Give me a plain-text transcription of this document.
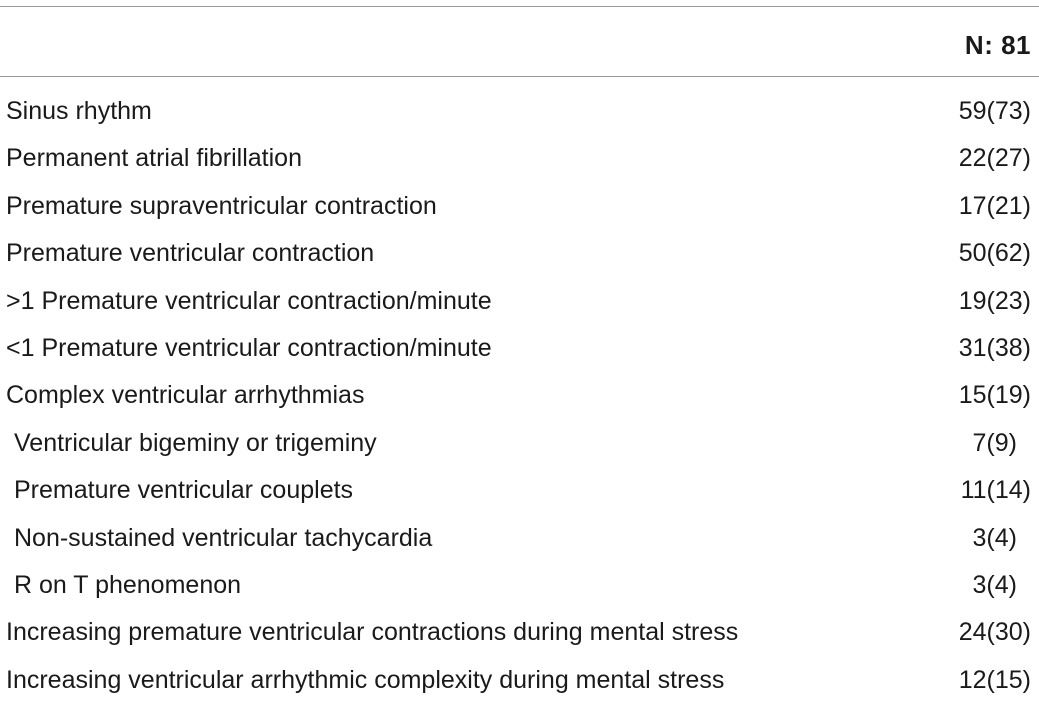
N: 81
Sinus rhythm	59(73)
Permanent atrial fibrillation	22(27)
Premature supraventricular contraction	17(21)
Premature ventricular contraction	50(62)
>1 Premature ventricular contraction/minute	19(23)
<1 Premature ventricular contraction/minute	31(38)
Complex ventricular arrhythmias	15(19)
Ventricular bigeminy or trigeminy	7(9)
Premature ventricular couplets	11(14)
Non-sustained ventricular tachycardia	3(4)
R on T phenomenon	3(4)
Increasing premature ventricular contractions during mental stress	24(30)
Increasing ventricular arrhythmic complexity during mental stress	12(15)
